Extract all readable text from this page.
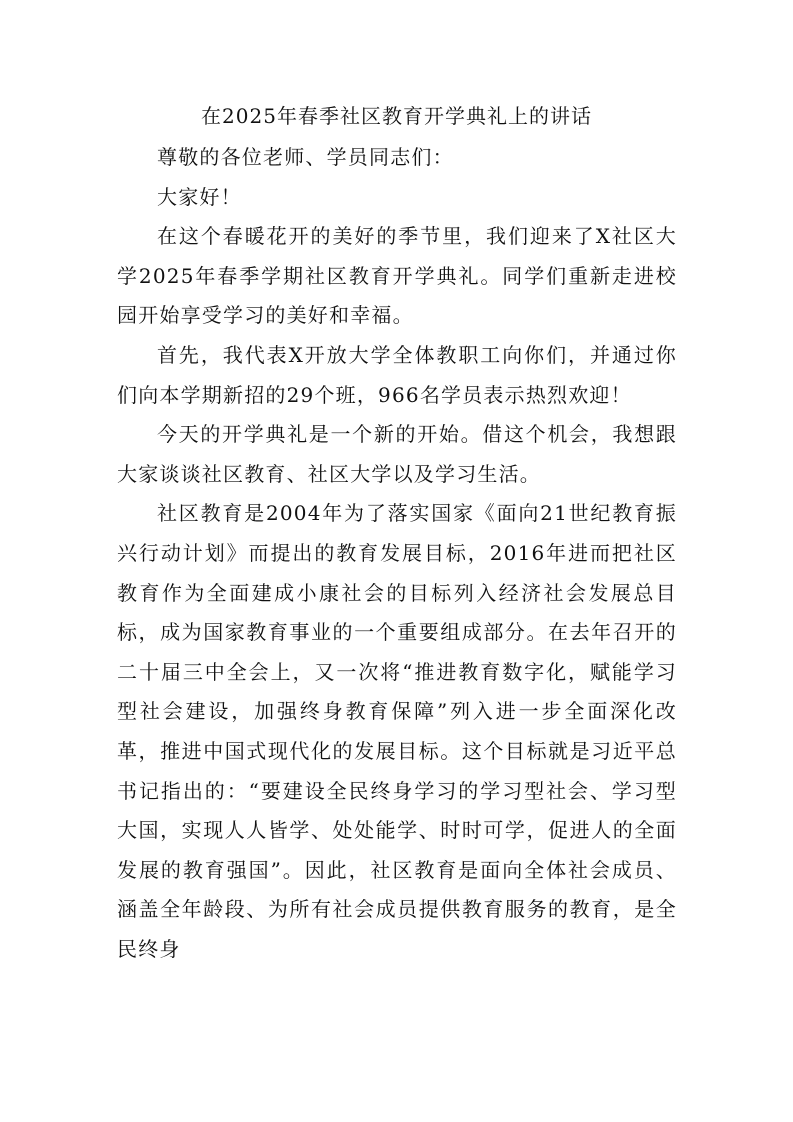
在2025年春季社区教育开学典礼上的讲话

尊敬的各位老师、学员同志们：

大家好！

在这个春暖花开的美好的季节里，我们迎来了X社区大学2025年春季学期社区教育开学典礼。同学们重新走进校园开始享受学习的美好和幸福。

首先，我代表X开放大学全体教职工向你们，并通过你们向本学期新招的29个班，966名学员表示热烈欢迎！

今天的开学典礼是一个新的开始。借这个机会，我想跟大家谈谈社区教育、社区大学以及学习生活。

社区教育是2004年为了落实国家《面向21世纪教育振兴行动计划》而提出的教育发展目标，2016年进而把社区教育作为全面建成小康社会的目标列入经济社会发展总目标，成为国家教育事业的一个重要组成部分。在去年召开的二十届三中全会上，又一次将“推进教育数字化，赋能学习型社会建设，加强终身教育保障”列入进一步全面深化改革，推进中国式现代化的发展目标。这个目标就是习近平总书记指出的：“要建设全民终身学习的学习型社会、学习型大国，实现人人皆学、处处能学、时时可学，促进人的全面发展的教育强国”。因此，社区教育是面向全体社会成员、涵盖全年龄段、为所有社会成员提供教育服务的教育，是全民终身
